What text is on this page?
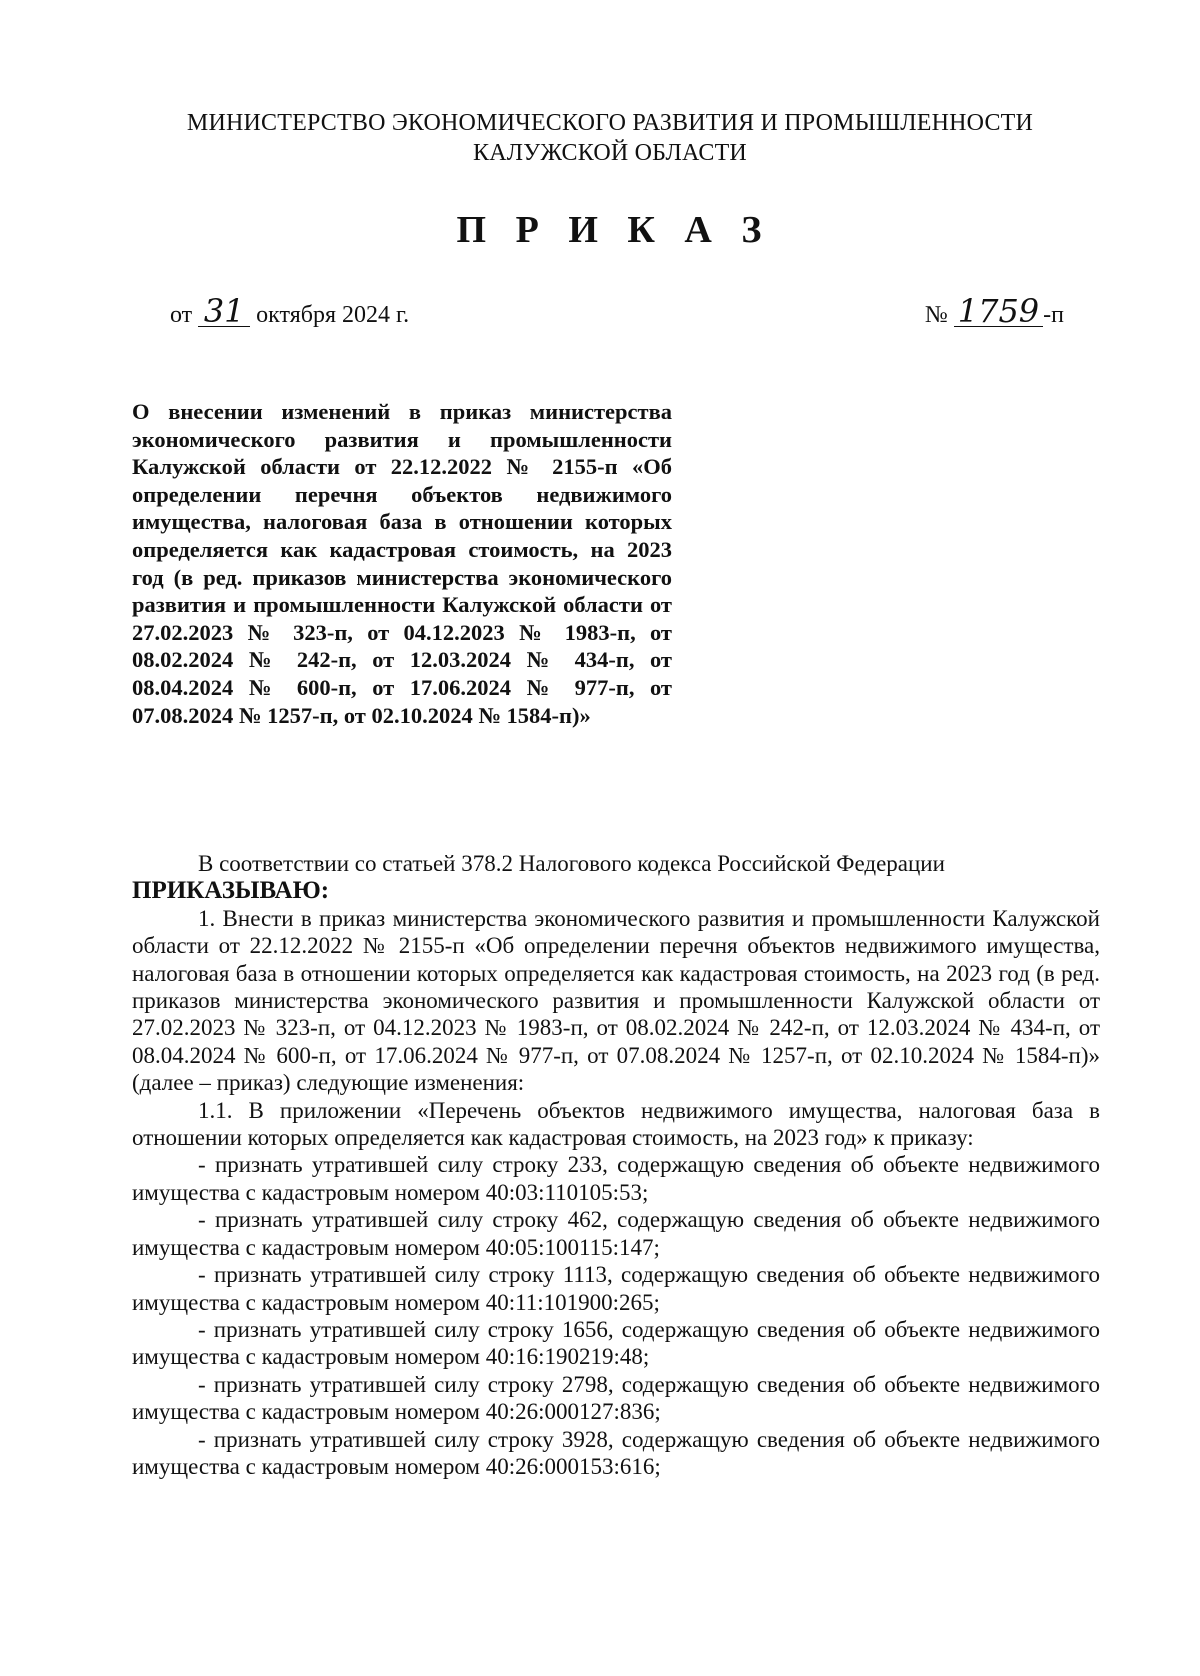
МИНИСТЕРСТВО ЭКОНОМИЧЕСКОГО РАЗВИТИЯ И ПРОМЫШЛЕННОСТИ
КАЛУЖСКОЙ ОБЛАСТИ
П Р И К А З
от 31 октября 2024 г.	№ 1759 -п
О внесении изменений в приказ министерства экономического развития и промышленности Калужской области от 22.12.2022 № 2155-п «Об определении перечня объектов недвижимого имущества, налоговая база в отношении которых определяется как кадастровая стоимость, на 2023 год (в ред. приказов министерства экономического развития и промышленности Калужской области от 27.02.2023 № 323-п, от 04.12.2023 № 1983-п, от 08.02.2024 № 242-п, от 12.03.2024 № 434-п, от 08.04.2024 № 600-п, от 17.06.2024 № 977-п, от 07.08.2024 № 1257-п, от 02.10.2024 № 1584-п)»

В соответствии со статьей 378.2 Налогового кодекса Российской Федерации

ПРИКАЗЫВАЮ:

1. Внести в приказ министерства экономического развития и промышленности Калужской области от 22.12.2022 № 2155-п «Об определении перечня объектов недвижимого имущества, налоговая база в отношении которых определяется как кадастровая стоимость, на 2023 год (в ред. приказов министерства экономического развития и промышленности Калужской области от 27.02.2023 № 323-п, от 04.12.2023 № 1983-п, от 08.02.2024 № 242-п, от 12.03.2024 № 434-п, от 08.04.2024 № 600-п, от 17.06.2024 № 977-п, от 07.08.2024 № 1257-п, от 02.10.2024 № 1584-п)» (далее – приказ) следующие изменения:

1.1. В приложении «Перечень объектов недвижимого имущества, налоговая база в отношении которых определяется как кадастровая стоимость, на 2023 год» к приказу:

- признать утратившей силу строку 233, содержащую сведения об объекте недвижимого имущества с кадастровым номером 40:03:110105:53;

- признать утратившей силу строку 462, содержащую сведения об объекте недвижимого имущества с кадастровым номером 40:05:100115:147;

- признать утратившей силу строку 1113, содержащую сведения об объекте недвижимого имущества с кадастровым номером 40:11:101900:265;

- признать утратившей силу строку 1656, содержащую сведения об объекте недвижимого имущества с кадастровым номером 40:16:190219:48;

- признать утратившей силу строку 2798, содержащую сведения об объекте недвижимого имущества с кадастровым номером 40:26:000127:836;

- признать утратившей силу строку 3928, содержащую сведения об объекте недвижимого имущества с кадастровым номером 40:26:000153:616;
